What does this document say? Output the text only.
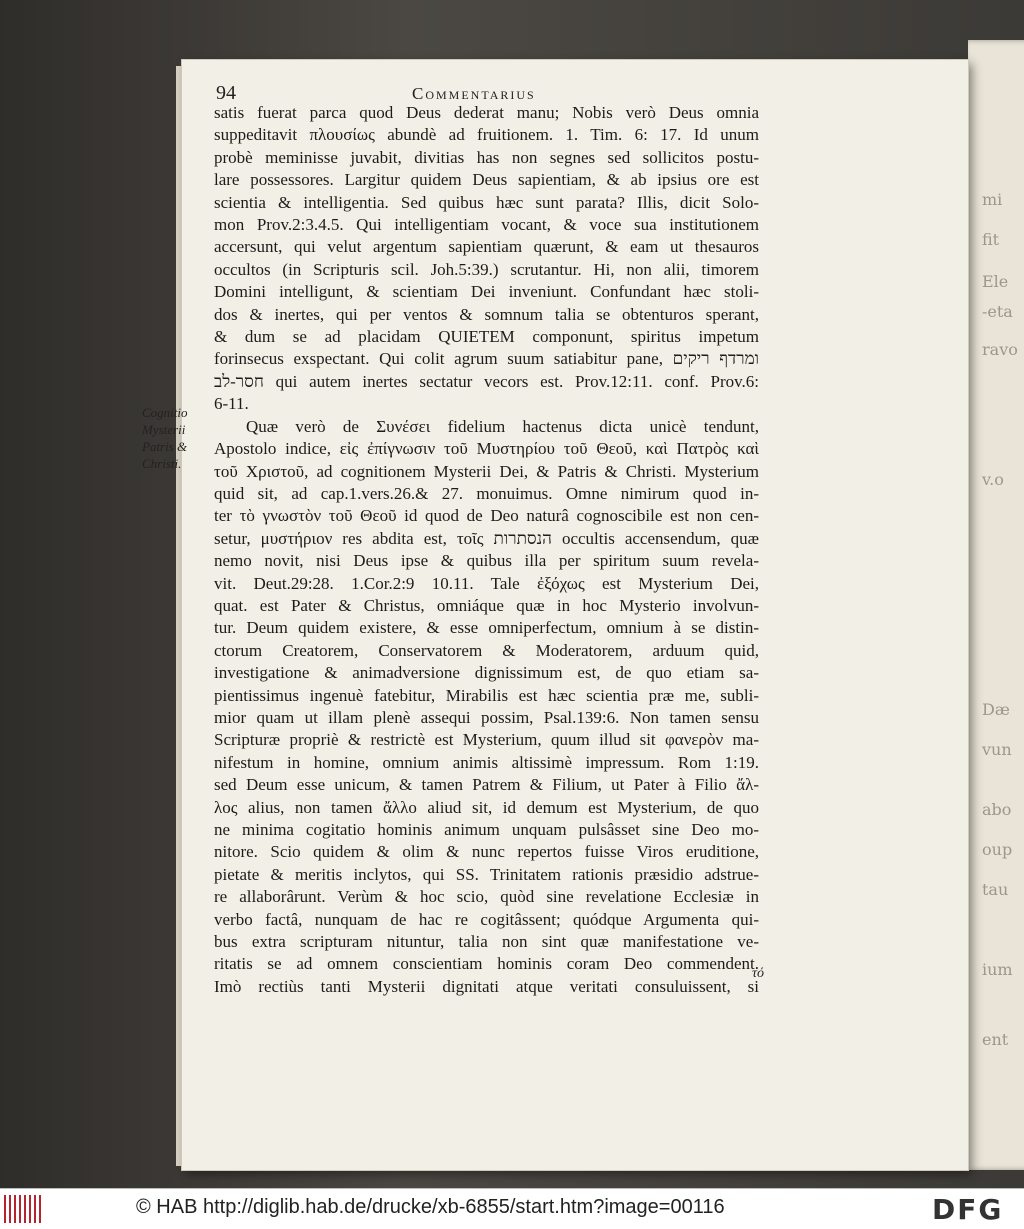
mi
fit
Ele
-eta
ravo
v.o
Dæ
vun
abo
oup
tau
ium
ent
94	Commentarius
Cognitio
Mysterii
Patris &
Christi.

satis fuerat parca quod Deus dederat manu; Nobis verò Deus omnia
suppeditavit πλουσίως abundè ad fruitionem. 1. Tim. 6: 17. Id unum
probè meminisse juvabit, divitias has non segnes sed sollicitos postu-
lare possessores. Largitur quidem Deus sapientiam, & ab ipsius ore est
scientia & intelligentia. Sed quibus hæc sunt parata? Illis, dicit Solo-
mon Prov.2:3.4.5. Qui intelligentiam vocant, & voce sua institutionem
accersunt, qui velut argentum sapientiam quærunt, & eam ut thesauros
occultos (in Scripturis scil. Joh.5:39.) scrutantur. Hi, non alii, timorem
Domini intelligunt, & scientiam Dei inveniunt. Confundant hæc stoli-
dos & inertes, qui per ventos & somnum talia se obtenturos sperant,
& dum se ad placidam QUIETEM componunt, spiritus impetum
forinsecus exspectant. Qui colit agrum suum satiabitur pane, ומרדף ריקים
חסר-לב qui autem inertes sectatur vecors est. Prov.12:11. conf. Prov.6:
6-11.

Quæ verò de Συνέσει fidelium hactenus dicta unicè tendunt,
Apostolo indice, εἰς ἐπίγνωσιν τοῦ Μυστηρίου τοῦ Θεοῦ, καὶ Πατρὸς καὶ
τοῦ Χριστοῦ, ad cognitionem Mysterii Dei, & Patris & Christi. Mysterium
quid sit, ad cap.1.vers.26.& 27. monuimus. Omne nimirum quod in-
ter τὸ γνωστὸν τοῦ Θεοῦ id quod de Deo naturâ cognoscibile est non cen-
setur, μυστήριον res abdita est, τοῖς הנסתרות occultis accensendum, quæ
nemo novit, nisi Deus ipse & quibus illa per spiritum suum revela-
vit. Deut.29:28. 1.Cor.2:9 10.11. Tale ἐξόχως est Mysterium Dei,
quat. est Pater & Christus, omniáque quæ in hoc Mysterio involvun-
tur. Deum quidem existere, & esse omniperfectum, omnium à se distin-
ctorum Creatorem, Conservatorem & Moderatorem, arduum quid,
investigatione & animadversione dignissimum est, de quo etiam sa-
pientissimus ingenuè fatebitur, Mirabilis est hæc scientia præ me, subli-
mior quam ut illam plenè assequi possim, Psal.139:6. Non tamen sensu
Scripturæ propriè & restrictè est Mysterium, quum illud sit φανερὸν ma-
nifestum in homine, omnium animis altissimè impressum. Rom 1:19.
sed Deum esse unicum, & tamen Patrem & Filium, ut Pater à Filio ἄλ-
λος alius, non tamen ἄλλο aliud sit, id demum est Mysterium, de quo
ne minima cogitatio hominis animum unquam pulsâsset sine Deo mo-
nitore. Scio quidem & olim & nunc repertos fuisse Viros eruditione,
pietate & meritis inclytos, qui SS. Trinitatem rationis præsidio adstrue-
re allaborârunt. Verùm & hoc scio, quòd sine revelatione Ecclesiæ in
verbo factâ, nunquam de hac re cogitâssent; quódque Argumenta qui-
bus extra scripturam nituntur, talia non sint quæ manifestatione ve-
ritatis se ad omnem conscientiam hominis coram Deo commendent.
Imò rectiùs tanti Mysterii dignitati atque veritati consuluissent, si

τό
© HAB http://diglib.hab.de/drucke/xb-6855/start.htm?image=00116	DFG
